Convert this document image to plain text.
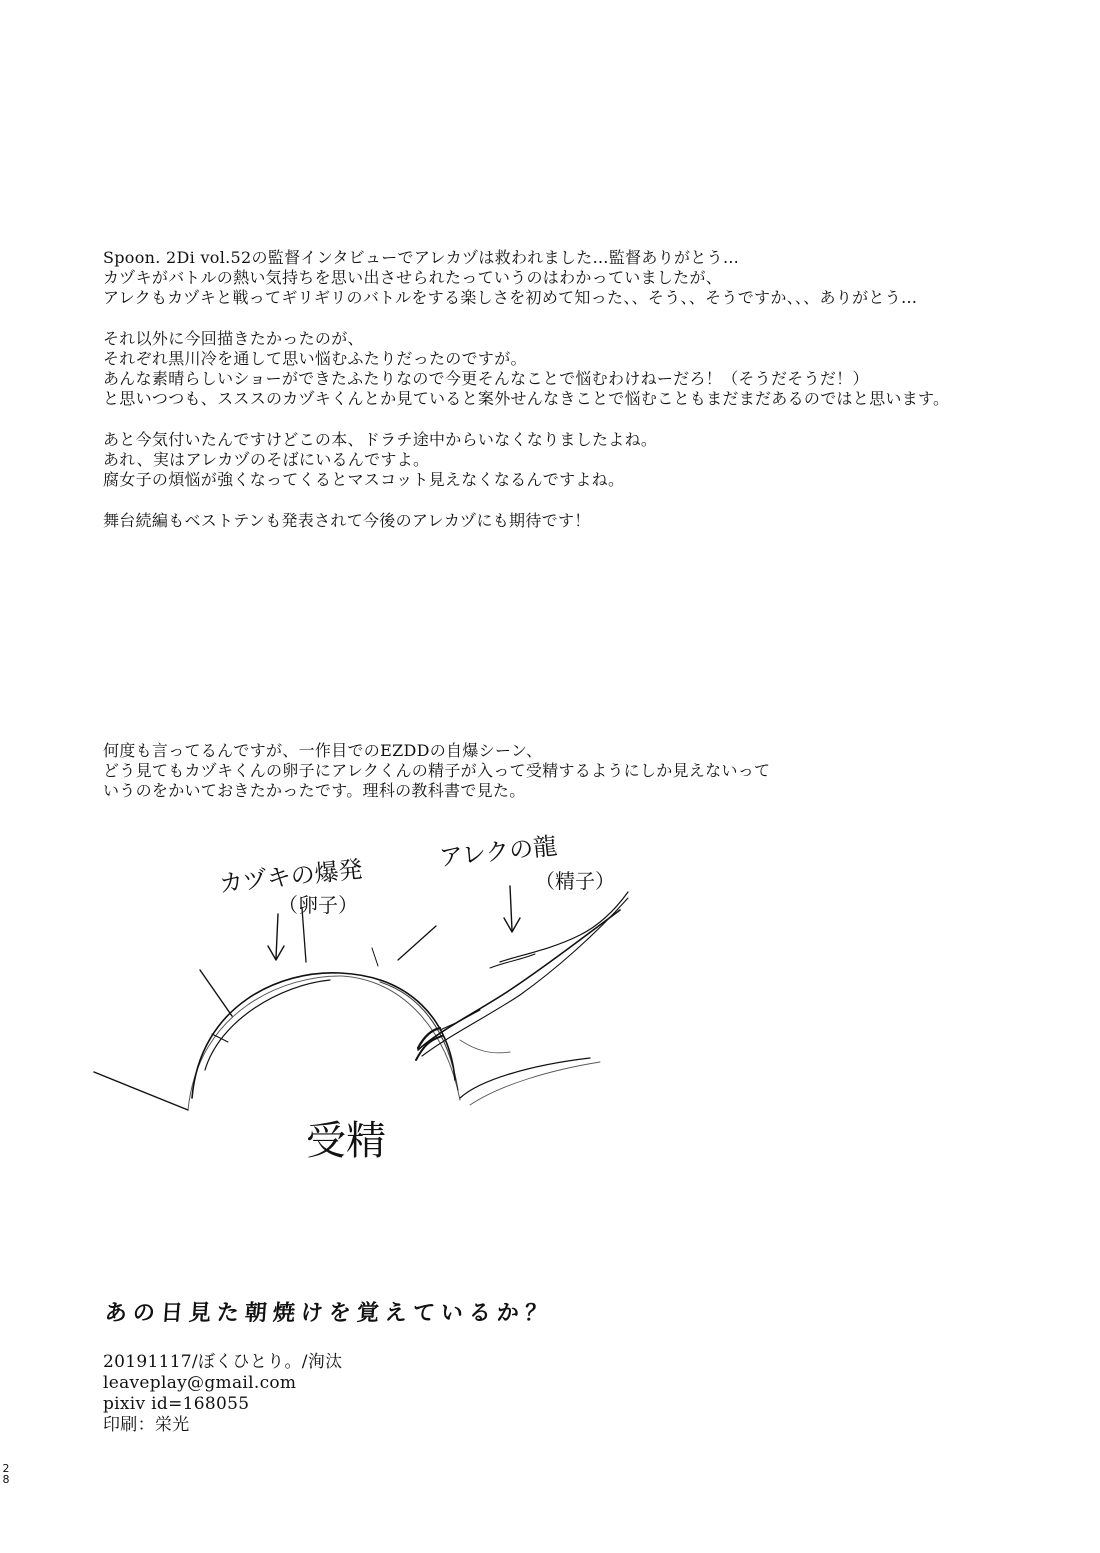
Spoon. 2Di vol.52の監督インタビューでアレカヅは救われました…監督ありがとう…
カヅキがバトルの熱い気持ちを思い出させられたっていうのはわかっていましたが、
アレクもカヅキと戦ってギリギリのバトルをする楽しさを初めて知った、、そう、、そうですか、、、ありがとう…
それ以外に今回描きたかったのが、
それぞれ黒川冷を通して思い悩むふたりだったのですが。
あんな素晴らしいショーができたふたりなので今更そんなことで悩むわけねーだろ！（そうだそうだ！）
と思いつつも、スススのカヅキくんとか見ていると案外せんなきことで悩むこともまだまだあるのではと思います。
あと今気付いたんですけどこの本、ドラチ途中からいなくなりましたよね。
あれ、実はアレカヅのそばにいるんですよ。
腐女子の煩悩が強くなってくるとマスコット見えなくなるんですよね。
舞台続編もベストテンも発表されて今後のアレカヅにも期待です！
何度も言ってるんですが、一作目でのEZDDの自爆シーン、
どう見てもカヅキくんの卵子にアレクくんの精子が入って受精するようにしか見えないって
いうのをかいておきたかったです。理科の教科書で見た。
カヅキの爆発
（卵子）
アレクの龍
（精子）
受精
あの日見た朝焼けを覚えているか？
20191117/ぼくひとり。/洵汰
leaveplay@gmail.com
pixiv id=168055
印刷：栄光
2
8
